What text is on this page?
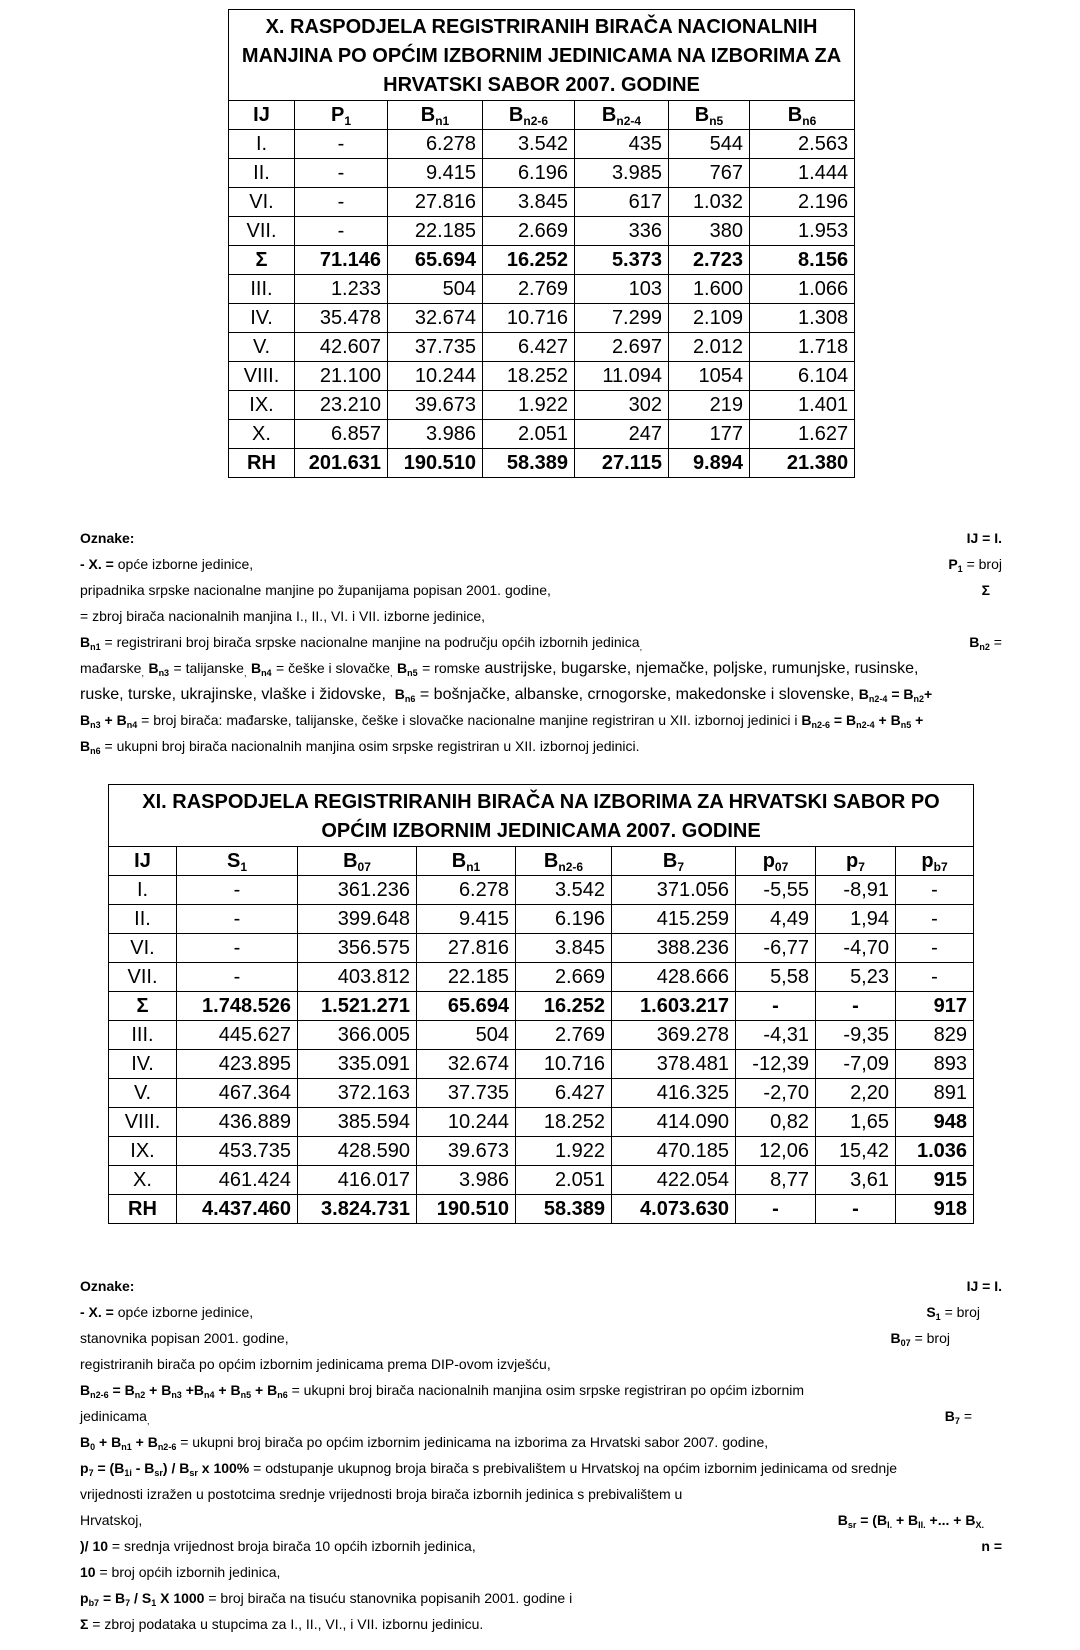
X. RASPODJELA REGISTRIRANIH BIRAČA NACIONALNIH MANJINA PO OPĆIM IZBORNIM JEDINICAMA NA IZBORIMA ZA HRVATSKI SABOR 2007. GODINE						
IJ	$P_1$	$B_{n1}$	$B_{n2-6}$	$B_{n2-4}$	$B_{n5}$	$B_{n6}$
I.	-	6.278	3.542	435	544	2.563
II.	-	9.415	6.196	3.985	767	1.444
VI.	-	27.816	3.845	617	1.032	2.196
VII.	-	22.185	2.669	336	380	1.953
Σ	71.146	65.694	16.252	5.373	2.723	8.156
III.	1.233	504	2.769	103	1.600	1.066
IV.	35.478	32.674	10.716	7.299	2.109	1.308
V.	42.607	37.735	6.427	2.697	2.012	1.718
VIII.	21.100	10.244	18.252	11.094	1054	6.104
IX.	23.210	39.673	1.922	302	219	1.401
X.	6.857	3.986	2.051	247	177	1.627
RH	201.631	190.510	58.389	27.115	9.894	21.380
Oznake:	IJ = I.
- X. = opće izborne jedinice,	$P_1$ = broj
pripadnika srpske nacionalne manjine po županijama popisan 2001. godine,	Σ
= zbroj birača nacionalnih manjina I., II., VI. i VII. izborne jedinice,
$B_{n1}$ = registrirani broj birača srpske nacionalne manjine na području općih izbornih jedinica$_,$	$B_{n2}$ =
mađarske$_,$ $B_{n3}$ = talijanske$_,$ $B_{n4}$ = češke i slovačke$_,$ $B_{n5}$ = romske austrijske, bugarske, njemačke, poljske, rumunjske, rusinske,
ruske, turske, ukrajinske, vlaške i židovske, $B_{n6}$ = bošnjačke, albanske, crnogorske, makedonske i slovenske, $B_{n2-4} = B_{n2}+$
$B_{n3} + B_{n4}$ = broj birača: mađarske, talijanske, češke i slovačke nacionalne manjine registriran u XII. izbornoj jedinici i $B_{n2-6} = B_{n2-4} + B_{n5}$ +
$B_{n6}$ = ukupni broj birača nacionalnih manjina osim srpske registriran u XII. izbornoj jedinici.
XI. RASPODJELA REGISTRIRANIH BIRAČA NA IZBORIMA ZA HRVATSKI SABOR PO OPĆIM IZBORNIM JEDINICAMA 2007. GODINE								
IJ	$S_1$	$B_{07}$	$B_{n1}$	$B_{n2-6}$	$B_7$	$p_{07}$	$p_7$	$p_{b7}$
I.	-	361.236	6.278	3.542	371.056	-5,55	-8,91	-
II.	-	399.648	9.415	6.196	415.259	4,49	1,94	-
VI.	-	356.575	27.816	3.845	388.236	-6,77	-4,70	-
VII.	-	403.812	22.185	2.669	428.666	5,58	5,23	-
Σ	1.748.526	1.521.271	65.694	16.252	1.603.217	-	-	917
III.	445.627	366.005	504	2.769	369.278	-4,31	-9,35	829
IV.	423.895	335.091	32.674	10.716	378.481	-12,39	-7,09	893
V.	467.364	372.163	37.735	6.427	416.325	-2,70	2,20	891
VIII.	436.889	385.594	10.244	18.252	414.090	0,82	1,65	948
IX.	453.735	428.590	39.673	1.922	470.185	12,06	15,42	1.036
X.	461.424	416.017	3.986	2.051	422.054	8,77	3,61	915
RH	4.437.460	3.824.731	190.510	58.389	4.073.630	-	-	918
Oznake:	IJ = I.
- X. = opće izborne jedinice,	$S_1$ = broj
stanovnika popisan 2001. godine,	$B_{07}$ = broj
registriranih birača po općim izbornim jedinicama prema DIP-ovom izvješću,
$B_{n2-6} = B_{n2} + B_{n3} +B_{n4} + B_{n5} + B_{n6}$ = ukupni broj birača nacionalnih manjina osim srpske registriran po općim izbornim
jedinicama$_,$	$B_7$ =
$B_0 + B_{n1} + B_{n2-6}$ = ukupni broj birača po općim izbornim jedinicama na izborima za Hrvatski sabor 2007. godine,
$p_7 = (B_{1i} - B_{sr}) / B_{sr}$ x 100% = odstupanje ukupnog broja birača s prebivalištem u Hrvatskoj na općim izbornim jedinicama od srednje
vrijednosti izražen u postotcima srednje vrijednosti broja birača izbornih jedinica s prebivalištem u
Hrvatskoj,	$B_{sr} = (B_{I.} + B_{II.}$ +... + $B_{X.}$
)/ 10 = srednja vrijednost broja birača 10 općih izbornih jedinica,	n =
10 = broj općih izbornih jedinica,
$p_{b7} = B_7 / S_1$ X 1000 = broj birača na tisuću stanovnika popisanih 2001. godine i
Σ = zbroj podataka u stupcima za I., II., VI., i VII. izbornu jedinicu.
